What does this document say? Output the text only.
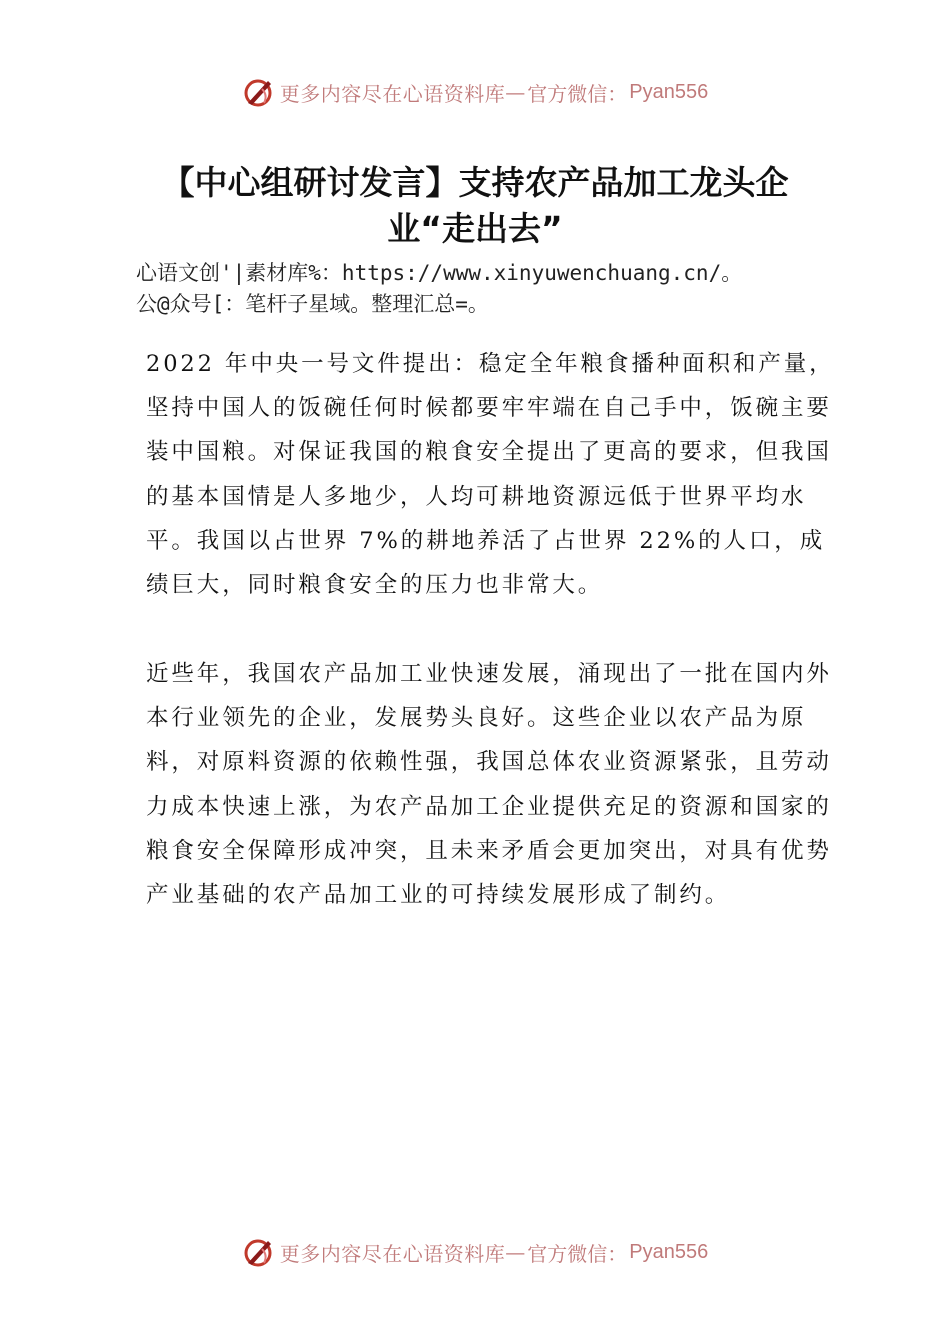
更多内容尽在心语资料库 — 官方微信： Pyan556
【中心组研讨发言】支持农产品加工龙头企
业“走出去”
心语文创'|素材库%：https://www.xinyuwenchuang.cn/。
公@众号[：笔杆子星域。整理汇总=。

2022 年中央一号文件提出：稳定全年粮食播种面积和产量，坚持中国人的饭碗任何时候都要牢牢端在自己手中，饭碗主要装中国粮。对保证我国的粮食安全提出了更高的要求，但我国的基本国情是人多地少，人均可耕地资源远低于世界平均水平。我国以占世界 7%的耕地养活了占世界 22%的人口，成绩巨大，同时粮食安全的压力也非常大。

近些年，我国农产品加工业快速发展，涌现出了一批在国内外本行业领先的企业，发展势头良好。这些企业以农产品为原料，对原料资源的依赖性强，我国总体农业资源紧张，且劳动力成本快速上涨，为农产品加工企业提供充足的资源和国家的粮食安全保障形成冲突，且未来矛盾会更加突出，对具有优势产业基础的农产品加工业的可持续发展形成了制约。

更多内容尽在心语资料库 — 官方微信： Pyan556
